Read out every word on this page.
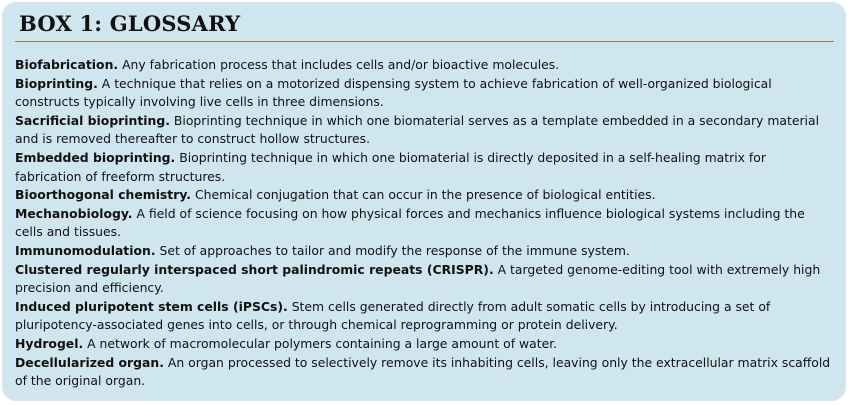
BOX 1: GLOSSARY
Biofabrication. Any fabrication process that includes cells and/or bioactive molecules.
Bioprinting. A technique that relies on a motorized dispensing system to achieve fabrication of well-organized biological constructs typically involving live cells in three dimensions.
Sacrificial bioprinting. Bioprinting technique in which one biomaterial serves as a template embedded in a secondary material and is removed thereafter to construct hollow structures.
Embedded bioprinting. Bioprinting technique in which one biomaterial is directly deposited in a self-healing matrix for fabrication of freeform structures.
Bioorthogonal chemistry. Chemical conjugation that can occur in the presence of biological entities.
Mechanobiology. A field of science focusing on how physical forces and mechanics influence biological systems including the cells and tissues.
Immunomodulation. Set of approaches to tailor and modify the response of the immune system.
Clustered regularly interspaced short palindromic repeats (CRISPR). A targeted genome-editing tool with extremely high precision and efficiency.
Induced pluripotent stem cells (iPSCs). Stem cells generated directly from adult somatic cells by introducing a set of pluripotency-associated genes into cells, or through chemical reprogramming or protein delivery.
Hydrogel. A network of macromolecular polymers containing a large amount of water.
Decellularized organ. An organ processed to selectively remove its inhabiting cells, leaving only the extracellular matrix scaffold of the original organ.
